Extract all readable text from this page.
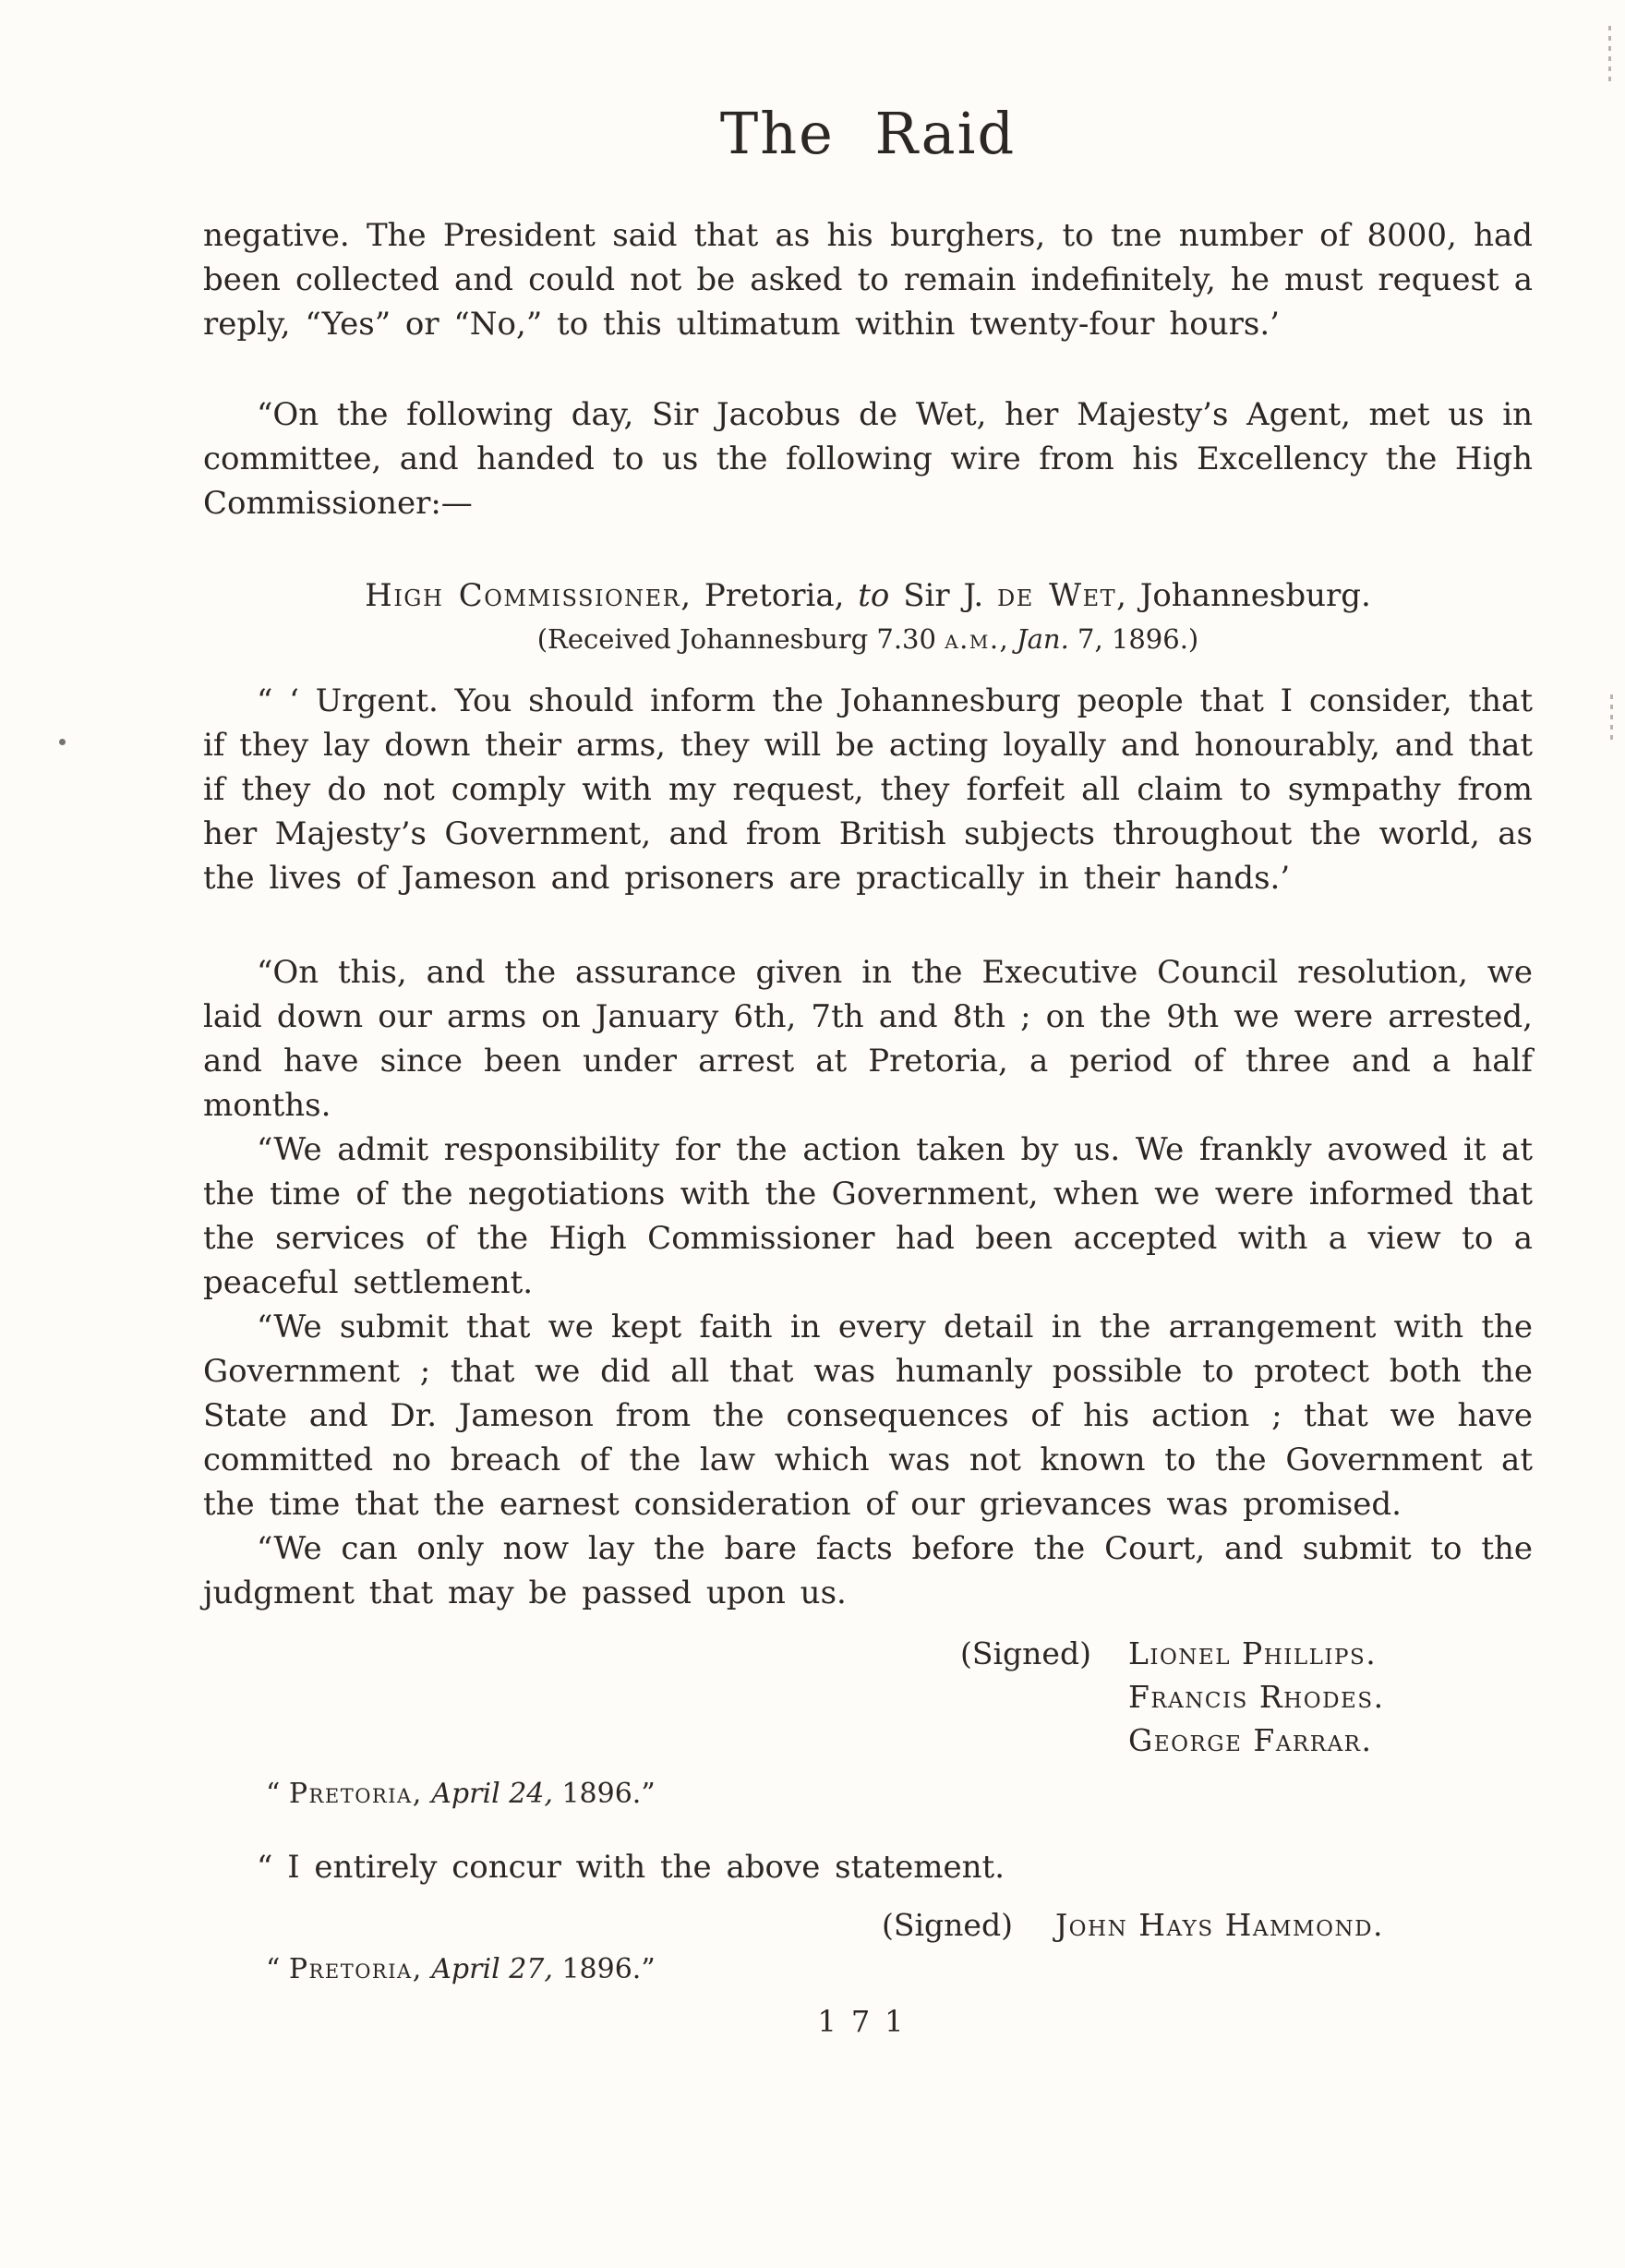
The Raid

negative. The President said that as his burghers, to tne number of 8000, had been collected and could not be asked to remain indefinitely, he must request a reply, “Yes” or “No,” to this ultimatum within twenty-four hours.’

“On the following day, Sir Jacobus de Wet, her Majesty’s Agent, met us in committee, and handed to us the following wire from his Excellency the High Commissioner:—

High Commissioner, Pretoria, to Sir J. de Wet, Johannesburg.
(Received Johannesburg 7.30 a.m., Jan. 7, 1896.)

“ ‘ Urgent. You should inform the Johannesburg people that I consider, that if they lay down their arms, they will be acting loyally and honourably, and that if they do not comply with my request, they forfeit all claim to sympathy from her Majesty’s Government, and from British subjects throughout the world, as the lives of Jameson and prisoners are practically in their hands.’

“On this, and the assurance given in the Executive Council resolution, we laid down our arms on January 6th, 7th and 8th ; on the 9th we were arrested, and have since been under arrest at Pretoria, a period of three and a half months.

“We admit responsibility for the action taken by us. We frankly avowed it at the time of the negotiations with the Government, when we were informed that the services of the High Commissioner had been accepted with a view to a peaceful settlement.

“We submit that we kept faith in every detail in the arrangement with the Government ; that we did all that was humanly possible to protect both the State and Dr. Jameson from the consequences of his action ; that we have committed no breach of the law which was not known to the Government at the time that the earnest consideration of our grievances was promised.

“We can only now lay the bare facts before the Court, and submit to the judgment that may be passed upon us.

(Signed) Lionel Phillips.
Francis Rhodes.
George Farrar.
“ Pretoria, April 24, 1896.”

“ I entirely concur with the above statement.

(Signed) John Hays Hammond.
“ Pretoria, April 27, 1896.”
171
